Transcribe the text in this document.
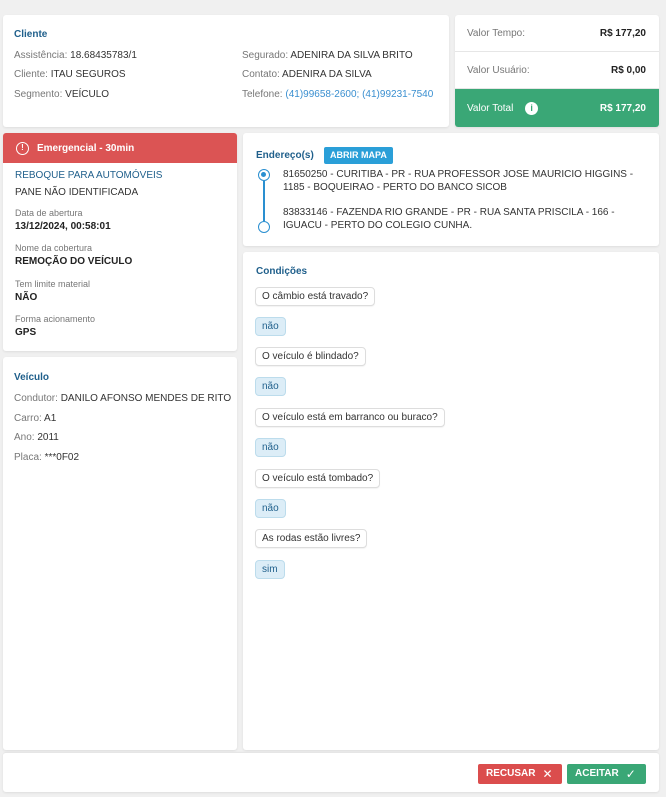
Cliente
Assistência: 18.68435783/1
Cliente: ITAU SEGUROS
Segmento: VEÍCULO
Segurado: ADENIRA DA SILVA BRITO
Contato: ADENIRA DA SILVA
Telefone: (41)99658-2600; (41)99231-7540
Valor Tempo:	R$ 177,20
Valor Usuário:	R$ 0,00
Valor Total i	R$ 177,20
!	Emergencial - 30min
REBOQUE PARA AUTOMÓVEIS
PANE NÃO IDENTIFICADA
Data de abertura
13/12/2024, 00:58:01
Nome da cobertura
REMOÇÃO DO VEÍCULO
Tem limite material
NÃO
Forma acionamento
GPS
Veículo
Condutor: DANILO AFONSO MENDES DE RITO
Carro: A1
Ano: 2011
Placa: ***0F02
Endereço(s)	ABRIR MAPA
81650250 - CURITIBA - PR - RUA PROFESSOR JOSE MAURICIO HIGGINS - 1185 - BOQUEIRAO - PERTO DO BANCO SICOB
83833146 - FAZENDA RIO GRANDE - PR - RUA SANTA PRISCILA - 166 - IGUACU - PERTO DO COLEGIO CUNHA.
Condições
O câmbio está travado?
não
O veículo é blindado?
não
O veículo está em barranco ou buraco?
não
O veículo está tombado?
não
As rodas estão livres?
sim
RECUSAR ✕ ACEITAR ✓
